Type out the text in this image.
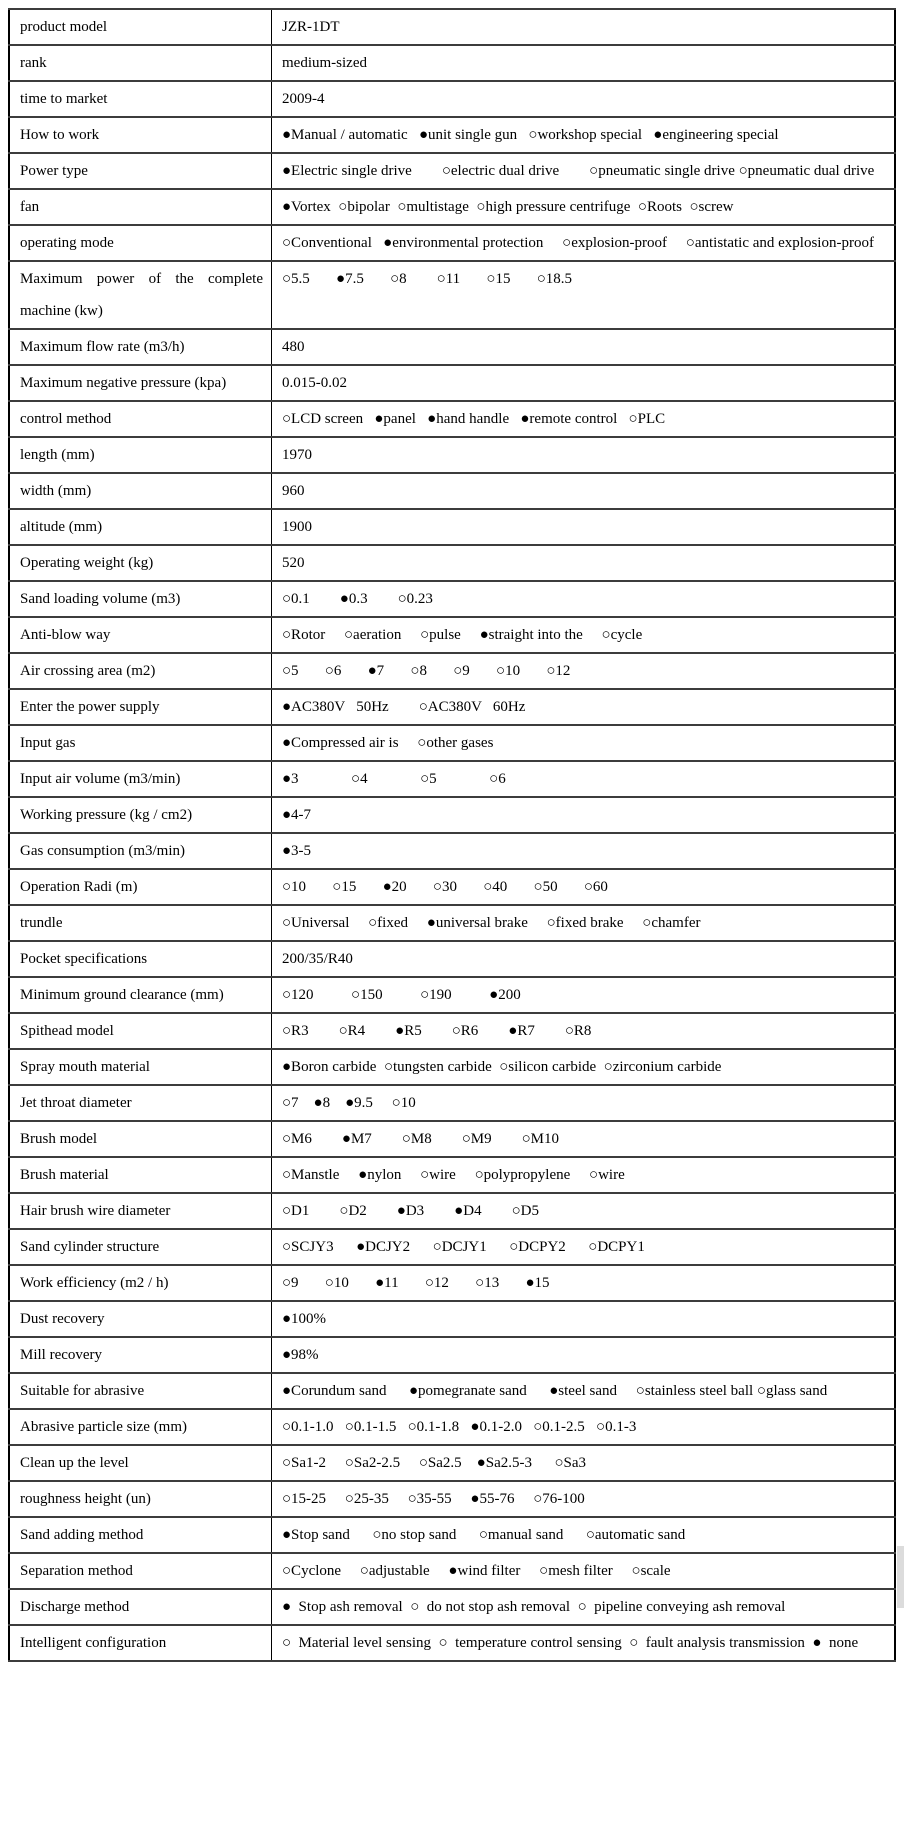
product model	JZR-1DT
rank	medium-sized
time to market	2009-4
How to work	●Manual / automatic   ●unit single gun   ○workshop special   ●engineering special
Power type	●Electric single drive        ○electric dual drive        ○pneumatic single drive ○pneumatic dual drive
fan	●Vortex  ○bipolar  ○multistage  ○high pressure centrifuge  ○Roots  ○screw
operating mode	○Conventional   ●environmental protection     ○explosion-proof     ○antistatic and explosion-proof
Maximum power of the complete machine (kw)	○5.5       ●7.5       ○8        ○11       ○15       ○18.5
Maximum flow rate (m3/h)	480
Maximum negative pressure (kpa)	0.015-0.02
control method	○LCD screen   ●panel   ●hand handle   ●remote control   ○PLC
length (mm)	1970
width (mm)	960
altitude (mm)	1900
Operating weight (kg)	520
Sand loading volume (m3)	○0.1        ●0.3        ○0.23
Anti-blow way	○Rotor     ○aeration     ○pulse     ●straight into the     ○cycle
Air crossing area (m2)	○5       ○6       ●7       ○8       ○9       ○10       ○12
Enter the power supply	●AC380V   50Hz        ○AC380V   60Hz
Input gas	●Compressed air is     ○other gases
Input air volume (m3/min)	●3              ○4              ○5              ○6
Working pressure (kg / cm2)	●4-7
Gas consumption (m3/min)	●3-5
Operation Radi (m)	○10       ○15       ●20       ○30       ○40       ○50       ○60
trundle	○Universal     ○fixed     ●universal brake     ○fixed brake     ○chamfer
Pocket specifications	200/35/R40
Minimum ground clearance (mm)	○120          ○150          ○190          ●200
Spithead model	○R3        ○R4        ●R5        ○R6        ●R7        ○R8
Spray mouth material	●Boron carbide  ○tungsten carbide  ○silicon carbide  ○zirconium carbide
Jet throat diameter	○7    ●8    ●9.5     ○10
Brush model	○M6        ●M7        ○M8        ○M9        ○M10
Brush material	○Manstle     ●nylon     ○wire     ○polypropylene     ○wire
Hair brush wire diameter	○D1        ○D2        ●D3        ●D4        ○D5
Sand cylinder structure	○SCJY3      ●DCJY2      ○DCJY1      ○DCPY2      ○DCPY1
Work efficiency (m2 / h)	○9       ○10       ●11       ○12       ○13       ●15
Dust recovery	●100%
Mill recovery	●98%
Suitable for abrasive	●Corundum sand      ●pomegranate sand      ●steel sand     ○stainless steel ball ○glass sand
Abrasive particle size (mm)	○0.1-1.0   ○0.1-1.5   ○0.1-1.8   ●0.1-2.0   ○0.1-2.5   ○0.1-3
Clean up the level	○Sa1-2     ○Sa2-2.5     ○Sa2.5    ●Sa2.5-3      ○Sa3
roughness height (un)	○15-25     ○25-35     ○35-55     ●55-76     ○76-100
Sand adding method	●Stop sand      ○no stop sand      ○manual sand      ○automatic sand
Separation method	○Cyclone     ○adjustable     ●wind filter     ○mesh filter     ○scale
Discharge method	●  Stop ash removal  ○  do not stop ash removal  ○  pipeline conveying ash removal
Intelligent configuration	○  Material level sensing  ○  temperature control sensing  ○  fault analysis transmission  ●  none
